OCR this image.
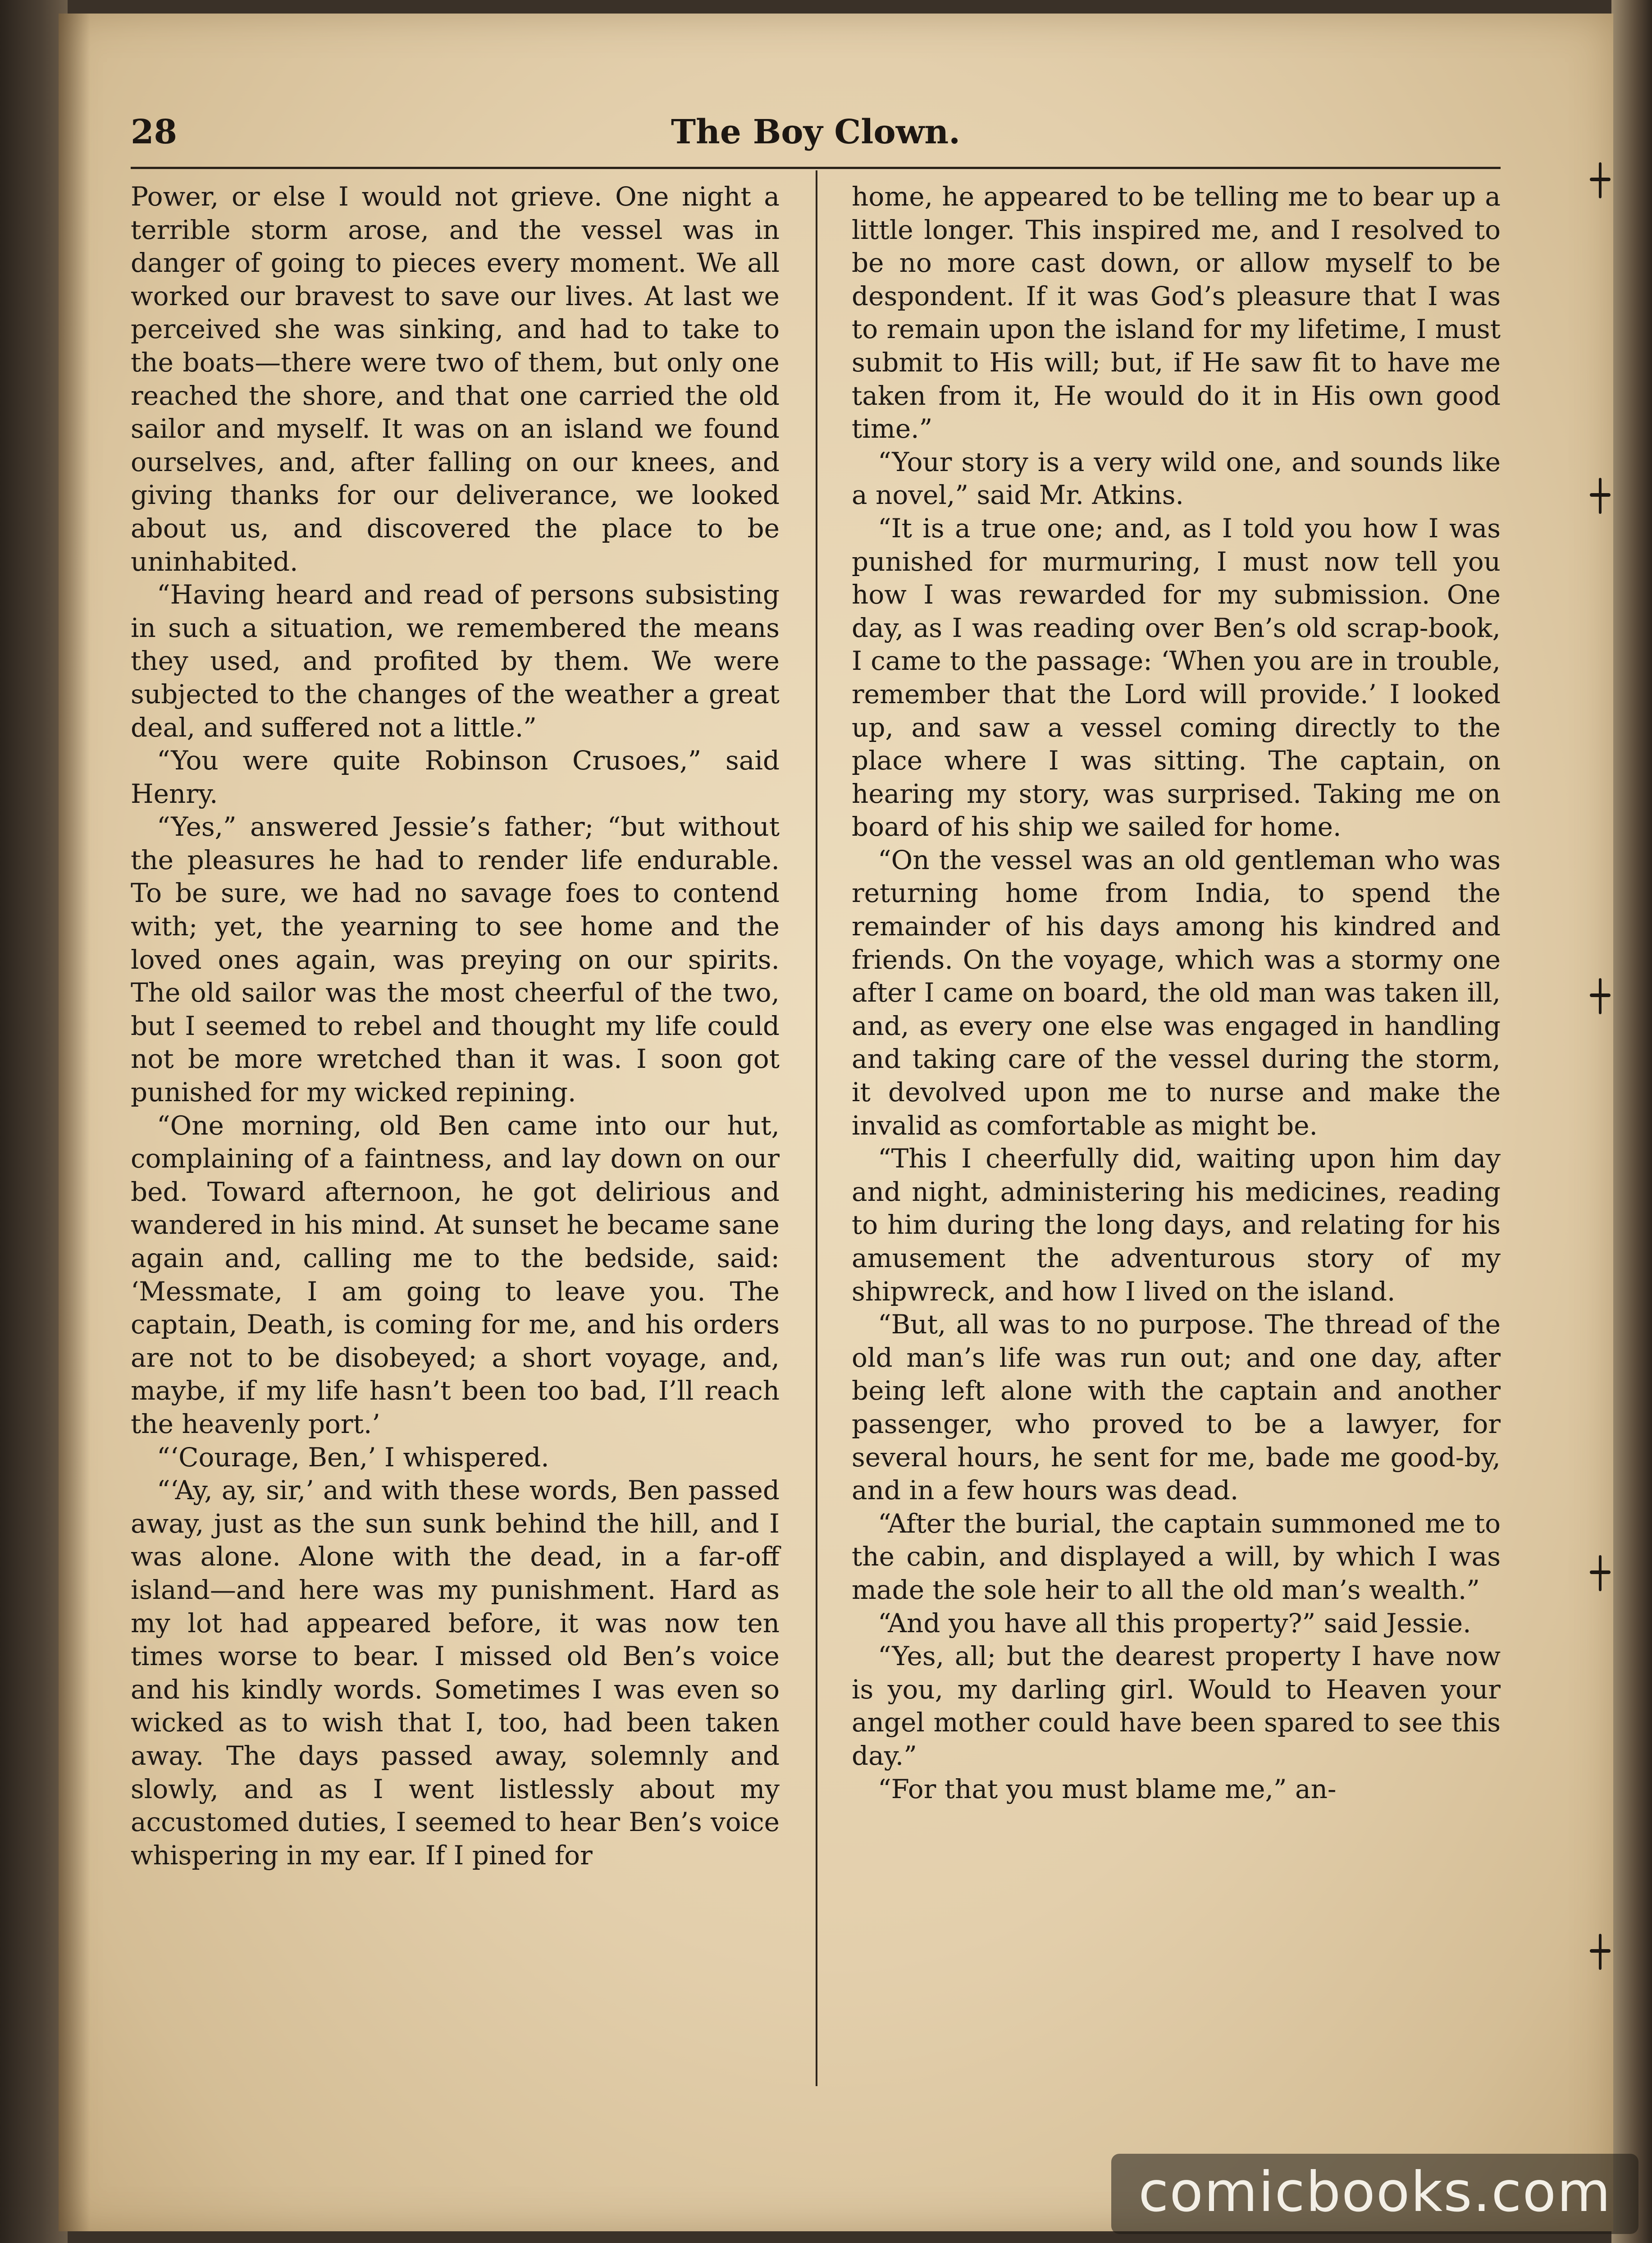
28	The Boy Clown.

Power, or else I would not grieve. One night a terrible storm arose, and the vessel was in danger of going to pieces every moment. We all worked our bravest to save our lives. At last we perceived she was sinking, and had to take to the boats—there were two of them, but only one reached the shore, and that one carried the old sailor and myself. It was on an island we found ourselves, and, after falling on our knees, and giving thanks for our deliverance, we looked about us, and discovered the place to be uninhabited.

“Having heard and read of persons subsisting in such a situation, we remembered the means they used, and profited by them. We were subjected to the changes of the weather a great deal, and suffered not a little.”

“You were quite Robinson Crusoes,” said Henry.

“Yes,” answered Jessie’s father; “but without the pleasures he had to render life endurable. To be sure, we had no savage foes to contend with; yet, the yearning to see home and the loved ones again, was preying on our spirits. The old sailor was the most cheerful of the two, but I seemed to rebel and thought my life could not be more wretched than it was. I soon got punished for my wicked repining.

“One morning, old Ben came into our hut, complaining of a faintness, and lay down on our bed. Toward afternoon, he got delirious and wandered in his mind. At sunset he became sane again and, calling me to the bedside, said: ‘Messmate, I am going to leave you. The captain, Death, is coming for me, and his orders are not to be disobeyed; a short voyage, and, maybe, if my life hasn’t been too bad, I’ll reach the heavenly port.’

“‘Courage, Ben,’ I whispered.

“‘Ay, ay, sir,’ and with these words, Ben passed away, just as the sun sunk behind the hill, and I was alone. Alone with the dead, in a far-off island—and here was my punishment. Hard as my lot had appeared before, it was now ten times worse to bear. I missed old Ben’s voice and his kindly words. Sometimes I was even so wicked as to wish that I, too, had been taken away. The days passed away, solemnly and slowly, and as I went listlessly about my accustomed duties, I seemed to hear Ben’s voice whispering in my ear. If I pined for

home, he appeared to be telling me to bear up a little longer. This inspired me, and I resolved to be no more cast down, or allow myself to be despondent. If it was God’s pleasure that I was to remain upon the island for my lifetime, I must submit to His will; but, if He saw fit to have me taken from it, He would do it in His own good time.”

“Your story is a very wild one, and sounds like a novel,” said Mr. Atkins.

“It is a true one; and, as I told you how I was punished for murmuring, I must now tell you how I was rewarded for my submission. One day, as I was reading over Ben’s old scrap-book, I came to the passage: ‘When you are in trouble, remember that the Lord will provide.’ I looked up, and saw a vessel coming directly to the place where I was sitting. The captain, on hearing my story, was surprised. Taking me on board of his ship we sailed for home.

“On the vessel was an old gentleman who was returning home from India, to spend the remainder of his days among his kindred and friends. On the voyage, which was a stormy one after I came on board, the old man was taken ill, and, as every one else was engaged in handling and taking care of the vessel during the storm, it devolved upon me to nurse and make the invalid as comfortable as might be.

“This I cheerfully did, waiting upon him day and night, administering his medicines, reading to him during the long days, and relating for his amusement the adventurous story of my shipwreck, and how I lived on the island.

“But, all was to no purpose. The thread of the old man’s life was run out; and one day, after being left alone with the captain and another passenger, who proved to be a lawyer, for several hours, he sent for me, bade me good-by, and in a few hours was dead.

“After the burial, the captain summoned me to the cabin, and displayed a will, by which I was made the sole heir to all the old man’s wealth.”

“And you have all this property?” said Jessie.

“Yes, all; but the dearest property I have now is you, my darling girl. Would to Heaven your angel mother could have been spared to see this day.”

“For that you must blame me,” an-

comicbooks.com
